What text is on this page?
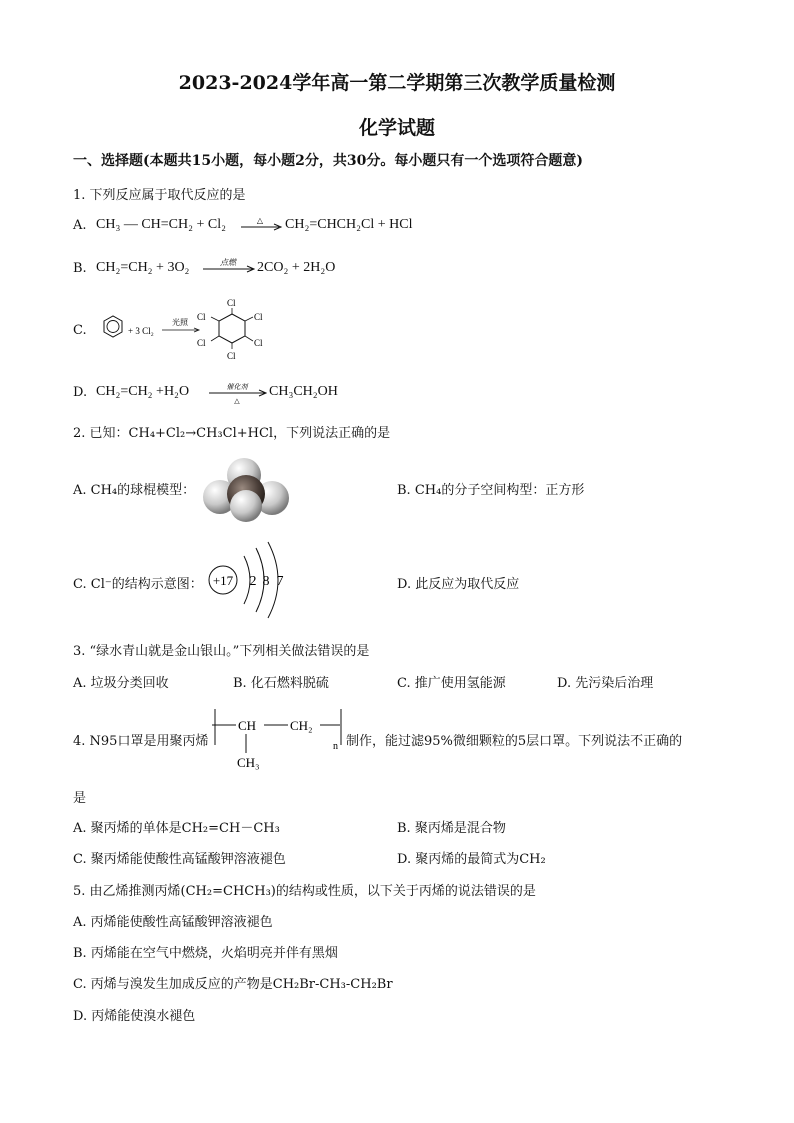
2023-2024学年高一第二学期第三次教学质量检测
化学试题
一、选择题(本题共15小题，每小题2分，共30分。每小题只有一个选项符合题意)
1. 下列反应属于取代反应的是
A. CH₃ — CH=CH₂ + Cl₂	△ CH₂=CHCH₂Cl + HCl
B. CH₂=CH₂ + 3O₂	点燃 2CO₂ + 2H₂O
C.	+ 3 Cl₂
光照
Cl
Cl
Cl
Cl
Cl
Cl
D. CH₂=CH₂ +H₂O	催化剂
△
CH₃CH₂OH
2. 已知：CH₄+Cl₂→CH₃Cl+HCl，下列说法正确的是
A. CH₄的球棍模型：	B. CH₄的分子空间构型：正方形
C. Cl⁻的结构示意图： +17 2 8 7	D. 此反应为取代反应
3. “绿水青山就是金山银山。”下列相关做法错误的是
A. 垃圾分类回收	B. 化石燃料脱硫	C. 推广使用氢能源	D. 先污染后治理
4. N95口罩是用聚丙烯
CH	CH₂
n
CH₃
制作，能过滤95%微细颗粒的5层口罩。下列说法不正确的
是
A. 聚丙烯的单体是CH₂=CH－CH₃	B. 聚丙烯是混合物
C. 聚丙烯能使酸性高锰酸钾溶液褪色	D. 聚丙烯的最简式为CH₂
5. 由乙烯推测丙烯(CH₂=CHCH₃)的结构或性质，以下关于丙烯的说法错误的是
A. 丙烯能使酸性高锰酸钾溶液褪色
B. 丙烯能在空气中燃烧，火焰明亮并伴有黑烟
C. 丙烯与溴发生加成反应的产物是CH₂Br-CH₃-CH₂Br
D. 丙烯能使溴水褪色
